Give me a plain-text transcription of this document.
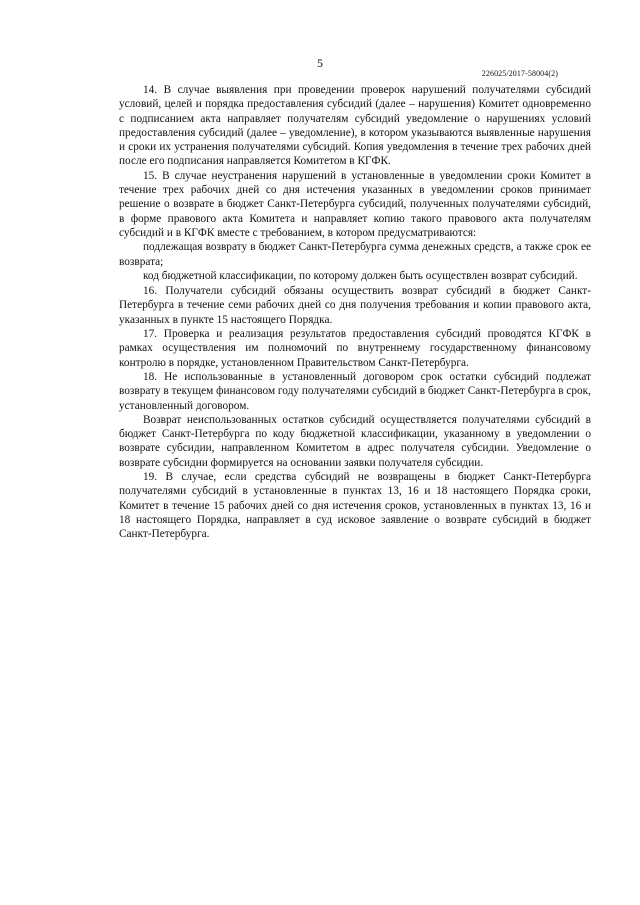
5
226025/2017-58004(2)

14. В случае выявления при проведении проверок нарушений получателями субсидий условий, целей и порядка предоставления субсидий (далее – нарушения) Комитет одновременно с подписанием акта направляет получателям субсидий уведомление о нарушениях условий предоставления субсидий (далее – уведомление), в котором указываются выявленные нарушения и сроки их устранения получателями субсидий. Копия уведомления в течение трех рабочих дней после его подписания направляется Комитетом в КГФК.

15. В случае неустранения нарушений в установленные в уведомлении сроки Комитет в течение трех рабочих дней со дня истечения указанных в уведомлении сроков принимает решение о возврате в бюджет Санкт-Петербурга субсидий, полученных получателями субсидий, в форме правового акта Комитета и направляет копию такого правового акта получателям субсидий и в КГФК вместе с требованием, в котором предусматриваются:

подлежащая возврату в бюджет Санкт-Петербурга сумма денежных средств, а также срок ее возврата;

код бюджетной классификации, по которому должен быть осуществлен возврат субсидий.

16. Получатели субсидий обязаны осуществить возврат субсидий в бюджет Санкт-Петербурга в течение семи рабочих дней со дня получения требования и копии правового акта, указанных в пункте 15 настоящего Порядка.

17. Проверка и реализация результатов предоставления субсидий проводятся КГФК в рамках осуществления им полномочий по внутреннему государственному финансовому контролю в порядке, установленном Правительством Санкт-Петербурга.

18. Не использованные в установленный договором срок остатки субсидий подлежат возврату в текущем финансовом году получателями субсидий в бюджет Санкт-Петербурга в срок, установленный договором.

Возврат неиспользованных остатков субсидий осуществляется получателями субсидий в бюджет Санкт-Петербурга по коду бюджетной классификации, указанному в уведомлении о возврате субсидии, направленном Комитетом в адрес получателя субсидии. Уведомление о возврате субсидии формируется на основании заявки получателя субсидии.

19. В случае, если средства субсидий не возвращены в бюджет Санкт-Петербурга получателями субсидий в установленные в пунктах 13, 16 и 18 настоящего Порядка сроки, Комитет в течение 15 рабочих дней со дня истечения сроков, установленных в пунктах 13, 16 и 18 настоящего Порядка, направляет в суд исковое заявление о возврате субсидий в бюджет Санкт-Петербурга.
